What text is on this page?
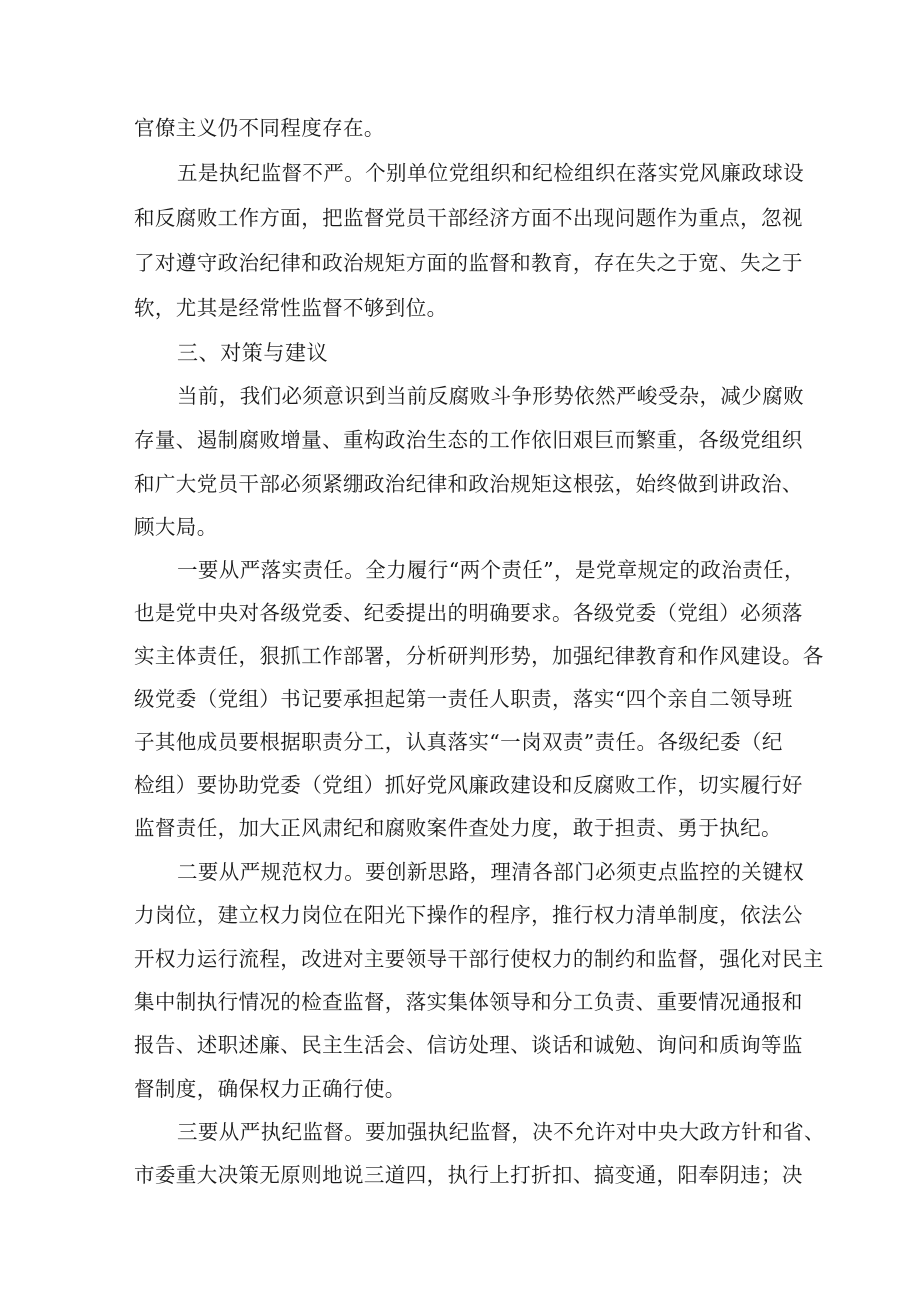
官僚主义仍不同程度存在。
五是执纪监督不严。个别单位党组织和纪检组织在落实党风廉政球设
和反腐败工作方面，把监督党员干部经济方面不出现问题作为重点，忽视
了对遵守政治纪律和政治规矩方面的监督和教育，存在失之于宽、失之于
软，尤其是经常性监督不够到位。
三、对策与建议
当前，我们必须意识到当前反腐败斗争形势依然严峻受杂，减少腐败
存量、遏制腐败增量、重构政治生态的工作依旧艰巨而繁重，各级党组织
和广大党员干部必须紧绷政治纪律和政治规矩这根弦，始终做到讲政治、
顾大局。
一要从严落实责任。全力履行“两个责任”，是党章规定的政治责任，
也是党中央对各级党委、纪委提出的明确要求。各级党委（党组）必须落
实主体责任，狠抓工作部署，分析研判形势，加强纪律教育和作风建设。各
级党委（党组）书记要承担起第一责任人职责，落实“四个亲自二领导班
子其他成员要根据职责分工，认真落实“一岗双责”责任。各级纪委（纪
检组）要协助党委（党组）抓好党风廉政建设和反腐败工作，切实履行好
监督责任，加大正风肃纪和腐败案件查处力度，敢于担责、勇于执纪。
二要从严规范权力。要创新思路，理清各部门必须吏点监控的关键权
力岗位，建立权力岗位在阳光下操作的程序，推行权力清单制度，依法公
开权力运行流程，改进对主要领导干部行使权力的制约和监督，强化对民主
集中制执行情况的检查监督，落实集体领导和分工负责、重要情况通报和
报告、述职述廉、民主生活会、信访处理、谈话和诚勉、询问和质询等监
督制度，确保权力正确行使。
三要从严执纪监督。要加强执纪监督，决不允许对中央大政方针和省、
市委重大决策无原则地说三道四，执行上打折扣、搞变通，阳奉阴违；决
